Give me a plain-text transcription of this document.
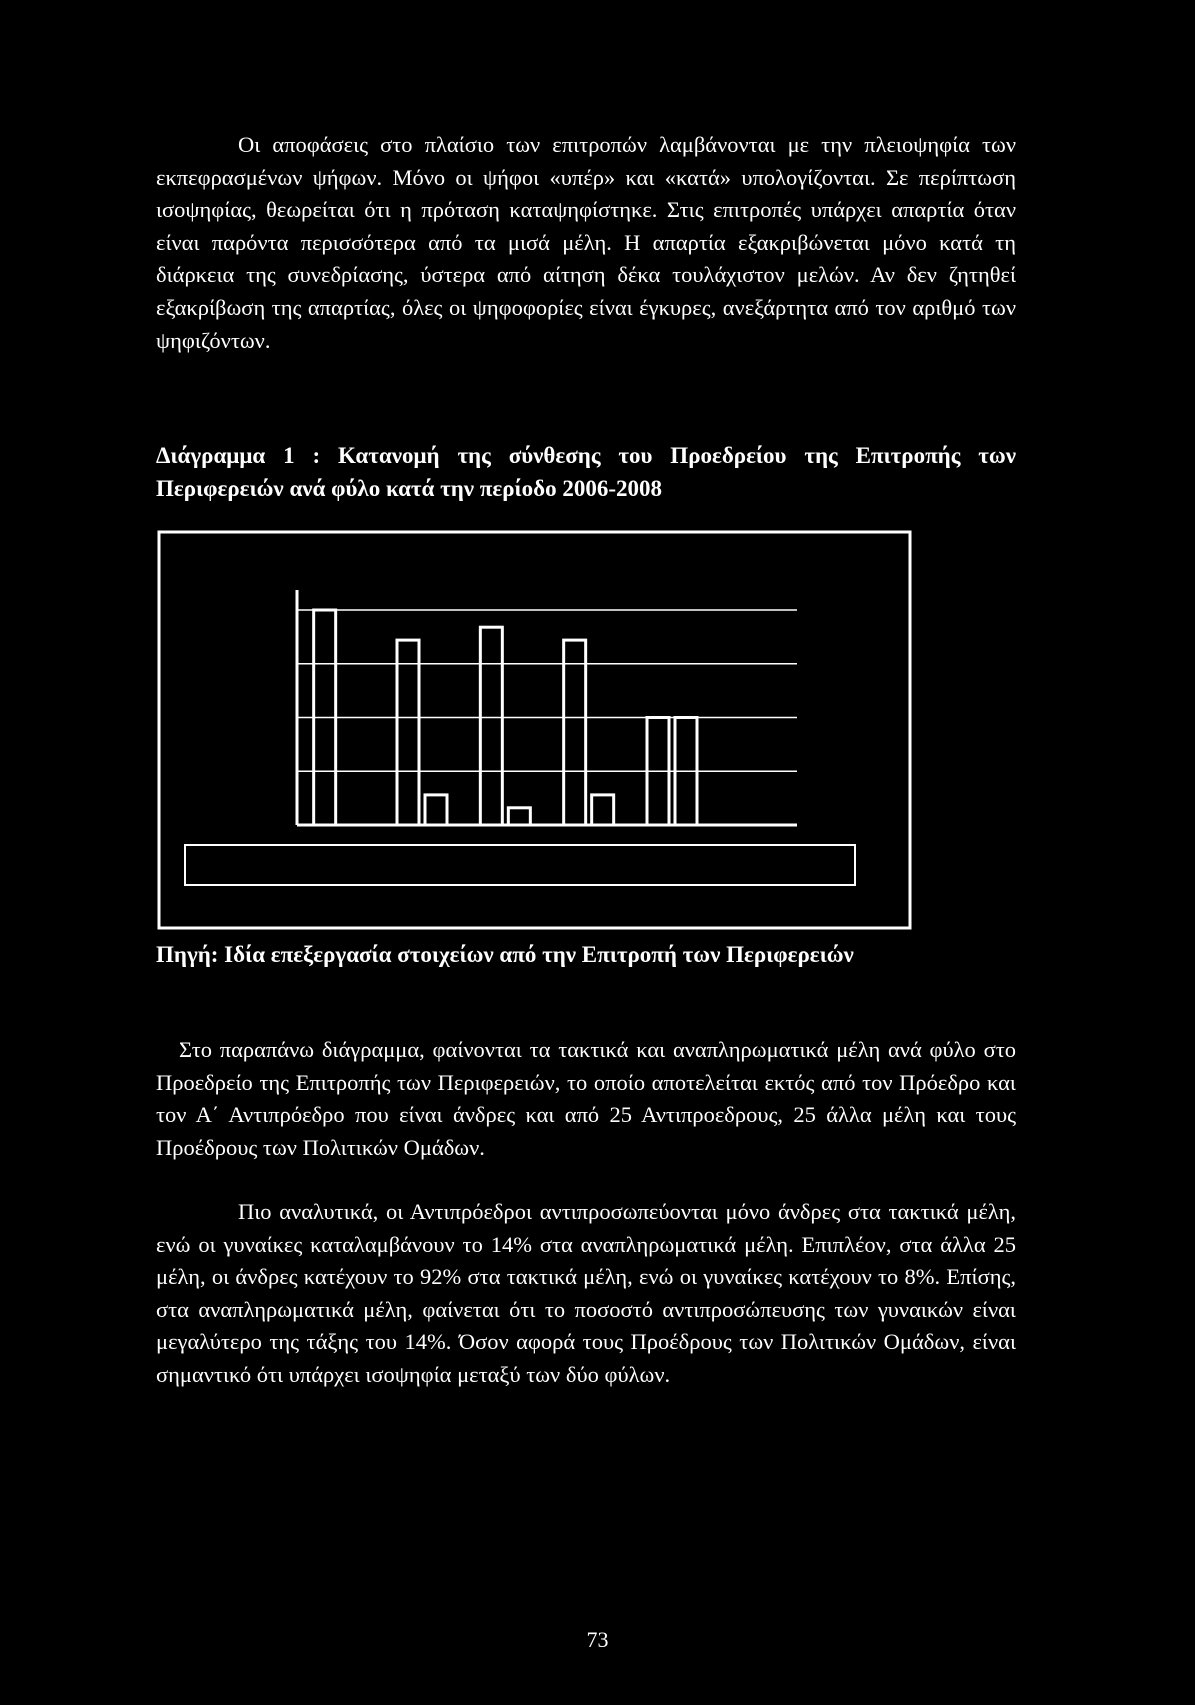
Οι αποφάσεις στο πλαίσιο των επιτροπών λαμβάνονται με την πλειοψηφία των εκπεφρασμένων ψήφων. Μόνο οι ψήφοι «υπέρ» και «κατά» υπολογίζονται. Σε περίπτωση ισοψηφίας, θεωρείται ότι η πρόταση καταψηφίστηκε. Στις επιτροπές υπάρχει απαρτία όταν είναι παρόντα περισσότερα από τα μισά μέλη. Η απαρτία εξακριβώνεται μόνο κατά τη διάρκεια της συνεδρίασης, ύστερα από αίτηση δέκα τουλάχιστον μελών. Αν δεν ζητηθεί εξακρίβωση της απαρτίας, όλες οι ψηφοφορίες είναι έγκυρες, ανεξάρτητα από τον αριθμό των ψηφιζόντων.

Διάγραμμα 1 : Κατανομή της σύνθεσης του Προεδρείου της Επιτροπής των Περιφερειών ανά φύλο κατά την περίοδο 2006-2008

Πηγή: Ιδία επεξεργασία στοιχείων από την Επιτροπή των Περιφερειών

Στο παραπάνω διάγραμμα, φαίνονται τα τακτικά και αναπληρωματικά μέλη ανά φύλο στο Προεδρείο της Επιτροπής των Περιφερειών, το οποίο αποτελείται εκτός από τον Πρόεδρο και τον Α΄ Αντιπρόεδρο που είναι άνδρες και από 25 Αντιπροεδρους, 25 άλλα μέλη και τους Προέδρους των Πολιτικών Ομάδων.

Πιο αναλυτικά, οι Αντιπρόεδροι αντιπροσωπεύονται μόνο άνδρες στα τακτικά μέλη, ενώ οι γυναίκες καταλαμβάνουν το 14% στα αναπληρωματικά μέλη. Επιπλέον, στα άλλα 25 μέλη, οι άνδρες κατέχουν το 92% στα τακτικά μέλη, ενώ οι γυναίκες κατέχουν το 8%. Επίσης, στα αναπληρωματικά μέλη, φαίνεται ότι το ποσοστό αντιπροσώπευσης των γυναικών είναι μεγαλύτερο της τάξης του 14%. Όσον αφορά τους Προέδρους των Πολιτικών Ομάδων, είναι σημαντικό ότι υπάρχει ισοψηφία μεταξύ των δύο φύλων.

73
